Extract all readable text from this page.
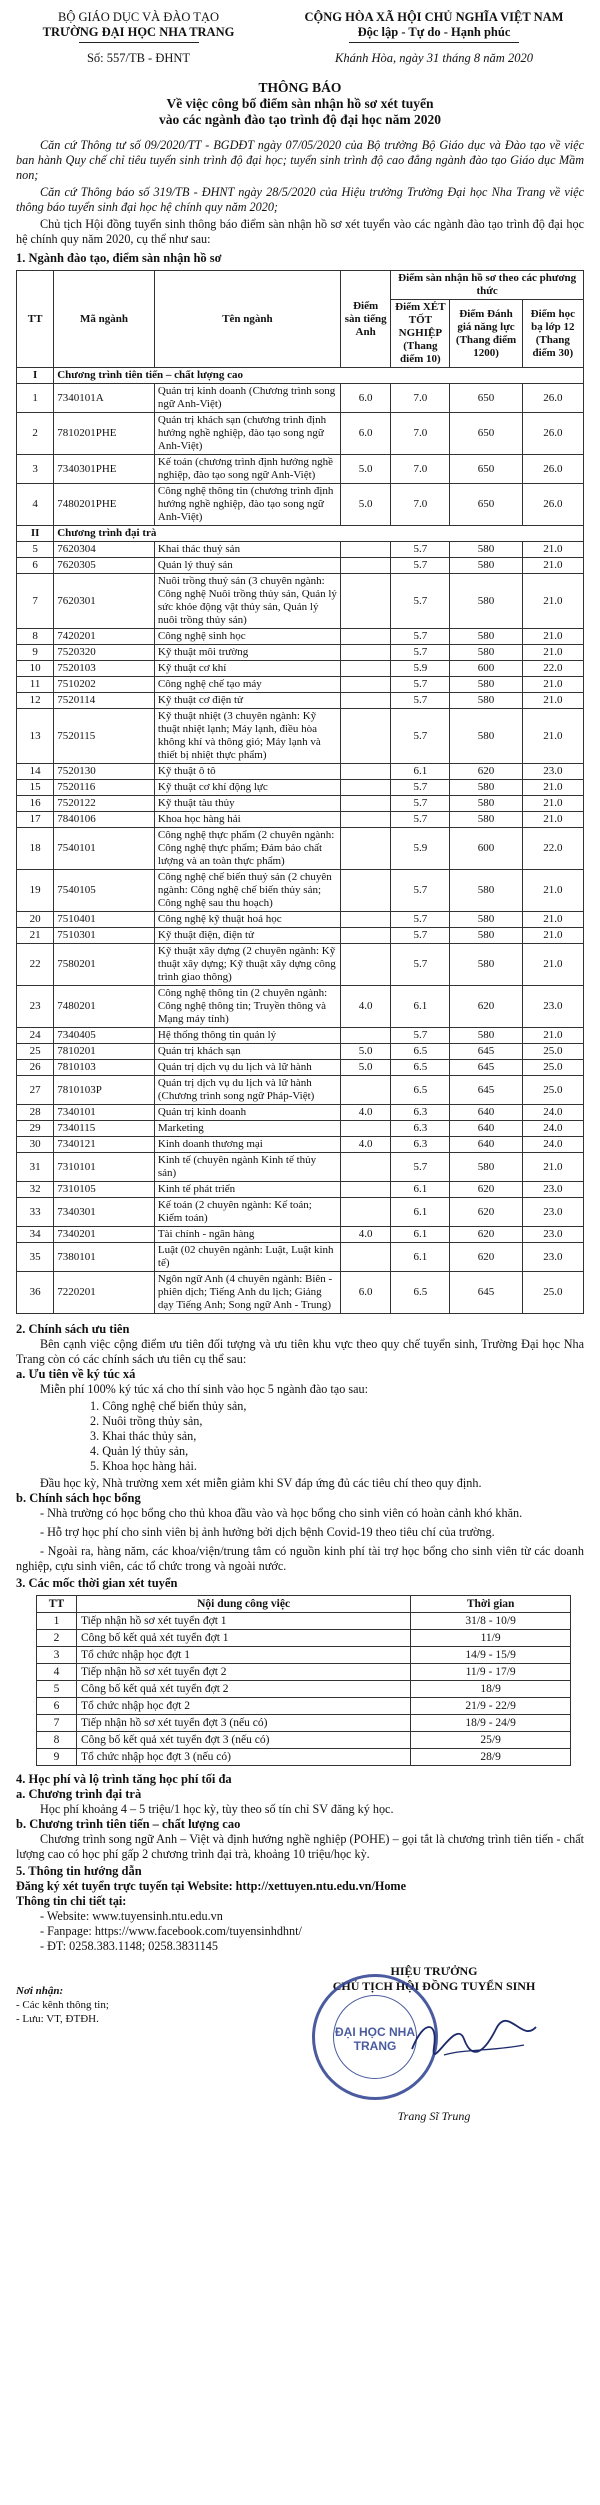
BỘ GIÁO DỤC VÀ ĐÀO TẠO
TRƯỜNG ĐẠI HỌC NHA TRANG
CỘNG HÒA XÃ HỘI CHỦ NGHĨA VIỆT NAM
Độc lập - Tự do - Hạnh phúc
Số: 557/TB - ĐHNT	Khánh Hòa, ngày 31 tháng 8 năm 2020
THÔNG BÁO
Về việc công bố điểm sàn nhận hồ sơ xét tuyển
vào các ngành đào tạo trình độ đại học năm 2020
Căn cứ Thông tư số 09/2020/TT - BGDĐT ngày 07/05/2020 của Bộ trưởng Bộ Giáo dục và Đào tạo về việc ban hành Quy chế chỉ tiêu tuyển sinh trình độ đại học; tuyển sinh trình độ cao đẳng ngành đào tạo Giáo dục Mầm non;
Căn cứ Thông báo số 319/TB - ĐHNT ngày 28/5/2020 của Hiệu trưởng Trường Đại học Nha Trang về việc thông báo tuyển sinh đại học hệ chính quy năm 2020;
Chủ tịch Hội đồng tuyển sinh thông báo điểm sàn nhận hồ sơ xét tuyển vào các ngành đào tạo trình độ đại học hệ chính quy năm 2020, cụ thể như sau:
1. Ngành đào tạo, điểm sàn nhận hồ sơ
TT	Mã ngành	Tên ngành	Điểm sàn tiếng Anh	Điểm sàn nhận hồ sơ theo các phương thức		
				Điểm XÉT TỐT NGHIỆP (Thang điểm 10)	Điểm Đánh giá năng lực (Thang điểm 1200)	Điểm học bạ lớp 12 (Thang điểm 30)
I	Chương trình tiên tiến – chất lượng cao					
1	7340101A	Quản trị kinh doanh (Chương trình song ngữ Anh-Việt)	6.0	7.0	650	26.0
2	7810201PHE	Quản trị khách sạn (chương trình định hướng nghề nghiệp, đào tạo song ngữ Anh-Việt)	6.0	7.0	650	26.0
3	7340301PHE	Kế toán (chương trình định hướng nghề nghiệp, đào tạo song ngữ Anh-Việt)	5.0	7.0	650	26.0
4	7480201PHE	Công nghệ thông tin (chương trình định hướng nghề nghiệp, đào tạo song ngữ Anh-Việt)	5.0	7.0	650	26.0
II	Chương trình đại trà					
5	7620304	Khai thác thuỷ sản		5.7	580	21.0
6	7620305	Quản lý thuỷ sản		5.7	580	21.0
7	7620301	Nuôi trồng thuỷ sản (3 chuyên ngành: Công nghệ Nuôi trồng thủy sản, Quản lý sức khỏe động vật thủy sản, Quản lý nuôi trồng thủy sản)		5.7	580	21.0
8	7420201	Công nghệ sinh học		5.7	580	21.0
9	7520320	Kỹ thuật môi trường		5.7	580	21.0
10	7520103	Kỹ thuật cơ khí		5.9	600	22.0
11	7510202	Công nghệ chế tạo máy		5.7	580	21.0
12	7520114	Kỹ thuật cơ điện tử		5.7	580	21.0
13	7520115	Kỹ thuật nhiệt (3 chuyên ngành: Kỹ thuật nhiệt lạnh; Máy lạnh, điều hòa không khí và thông gió; Máy lạnh và thiết bị nhiệt thực phẩm)		5.7	580	21.0
14	7520130	Kỹ thuật ô tô		6.1	620	23.0
15	7520116	Kỹ thuật cơ khí động lực		5.7	580	21.0
16	7520122	Kỹ thuật tàu thủy		5.7	580	21.0
17	7840106	Khoa học hàng hải		5.7	580	21.0
18	7540101	Công nghệ thực phẩm (2 chuyên ngành: Công nghệ thực phẩm; Đảm bảo chất lượng và an toàn thực phẩm)		5.9	600	22.0
19	7540105	Công nghệ chế biến thuỷ sản (2 chuyên ngành: Công nghệ chế biến thủy sản; Công nghệ sau thu hoạch)		5.7	580	21.0
20	7510401	Công nghệ kỹ thuật hoá học		5.7	580	21.0
21	7510301	Kỹ thuật điện, điện tử		5.7	580	21.0
22	7580201	Kỹ thuật xây dựng (2 chuyên ngành: Kỹ thuật xây dựng; Kỹ thuật xây dựng công trình giao thông)		5.7	580	21.0
23	7480201	Công nghệ thông tin (2 chuyên ngành: Công nghệ thông tin; Truyền thông và Mạng máy tính)	4.0	6.1	620	23.0
24	7340405	Hệ thống thông tin quản lý		5.7	580	21.0
25	7810201	Quản trị khách sạn	5.0	6.5	645	25.0
26	7810103	Quản trị dịch vụ du lịch và lữ hành	5.0	6.5	645	25.0
27	7810103P	Quản trị dịch vụ du lịch và lữ hành (Chương trình song ngữ Pháp-Việt)		6.5	645	25.0
28	7340101	Quản trị kinh doanh	4.0	6.3	640	24.0
29	7340115	Marketing		6.3	640	24.0
30	7340121	Kinh doanh thương mại	4.0	6.3	640	24.0
31	7310101	Kinh tế (chuyên ngành Kinh tế thủy sản)		5.7	580	21.0
32	7310105	Kinh tế phát triển		6.1	620	23.0
33	7340301	Kế toán (2 chuyên ngành: Kế toán; Kiểm toán)		6.1	620	23.0
34	7340201	Tài chính - ngân hàng	4.0	6.1	620	23.0
35	7380101	Luật (02 chuyên ngành: Luật, Luật kinh tế)		6.1	620	23.0
36	7220201	Ngôn ngữ Anh (4 chuyên ngành: Biên - phiên dịch; Tiếng Anh du lịch; Giảng dạy Tiếng Anh; Song ngữ Anh - Trung)	6.0	6.5	645	25.0
2. Chính sách ưu tiên
Bên cạnh việc cộng điểm ưu tiên đối tượng và ưu tiên khu vực theo quy chế tuyển sinh, Trường Đại học Nha Trang còn có các chính sách ưu tiên cụ thể sau:
a. Ưu tiên về ký túc xá
Miễn phí 100% ký túc xá cho thí sinh vào học 5 ngành đào tạo sau:
1. Công nghệ chế biến thủy sản,
2. Nuôi trồng thủy sản,
3. Khai thác thủy sản,
4. Quản lý thủy sản,
5. Khoa học hàng hải.
Đầu học kỳ, Nhà trường xem xét miễn giảm khi SV đáp ứng đủ các tiêu chí theo quy định.
b. Chính sách học bổng
- Nhà trường có học bổng cho thủ khoa đầu vào và học bổng cho sinh viên có hoàn cảnh khó khăn.
- Hỗ trợ học phí cho sinh viên bị ảnh hưởng bởi dịch bệnh Covid-19 theo tiêu chí của trường.
- Ngoài ra, hàng năm, các khoa/viện/trung tâm có nguồn kinh phí tài trợ học bổng cho sinh viên từ các doanh nghiệp, cựu sinh viên, các tổ chức trong và ngoài nước.
3. Các mốc thời gian xét tuyển
TT	Nội dung công việc	Thời gian
1	Tiếp nhận hồ sơ xét tuyển đợt 1	31/8 - 10/9
2	Công bố kết quả xét tuyển đợt 1	11/9
3	Tổ chức nhập học đợt 1	14/9 - 15/9
4	Tiếp nhận hồ sơ xét tuyển đợt 2	11/9 - 17/9
5	Công bố kết quả xét tuyển đợt 2	18/9
6	Tổ chức nhập học đợt 2	21/9 - 22/9
7	Tiếp nhận hồ sơ xét tuyển đợt 3 (nếu có)	18/9 - 24/9
8	Công bố kết quả xét tuyển đợt 3 (nếu có)	25/9
9	Tổ chức nhập học đợt 3 (nếu có)	28/9
4. Học phí và lộ trình tăng học phí tối đa
a. Chương trình đại trà
Học phí khoảng 4 – 5 triệu/1 học kỳ, tùy theo số tín chỉ SV đăng ký học.
b. Chương trình tiên tiến – chất lượng cao
Chương trình song ngữ Anh – Việt và định hướng nghề nghiệp (POHE) – gọi tắt là chương trình tiên tiến - chất lượng cao có học phí gấp 2 chương trình đại trà, khoảng 10 triệu/học kỳ.
5. Thông tin hướng dẫn
Đăng ký xét tuyển trực tuyến tại Website: http://xettuyen.ntu.edu.vn/Home
Thông tin chi tiết tại:
- Website: www.tuyensinh.ntu.edu.vn
- Fanpage: https://www.facebook.com/tuyensinhdhnt/
- ĐT: 0258.383.1148; 0258.3831145
Nơi nhận:
- Các kênh thông tin;
- Lưu: VT, ĐTĐH.
HIỆU TRƯỞNG
CHỦ TỊCH HỘI ĐỒNG TUYỂN SINH
ĐẠI HỌC NHA TRANG
Trang Sĩ Trung
